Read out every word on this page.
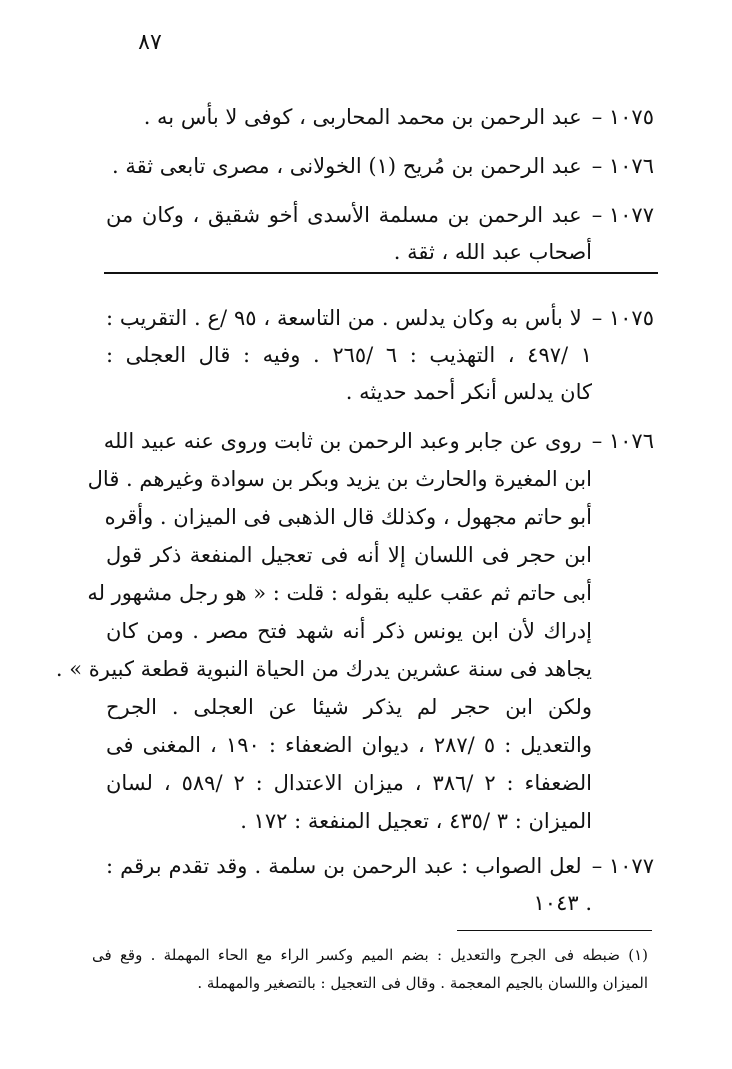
٨٧
١٠٧٥ –عبد الرحمن بن محمد المحاربى ، كوفى لا بأس به .
١٠٧٦ –عبد الرحمن بن مُريح (١) الخولانى ، مصرى تابعى ثقة .
١٠٧٧ –عبد الرحمن بن مسلمة الأسدى أخو شقيق ، وكان من
أصحاب عبد الله ، ثقة .
١٠٧٥ –لا بأس به وكان يدلس . من التاسعة ، ٩٥ /ع . التقريب :
١ /٤٩٧ ، التهذيب : ٦ /٢٦٥ . وفيه : قال العجلى :
كان يدلس أنكر أحمد حديثه .
١٠٧٦ –روى عن جابر وعبد الرحمن بن ثابت وروى عنه عبيد الله
ابن المغيرة والحارث بن يزيد وبكر بن سوادة وغيرهم . قال
أبو حاتم مجهول ، وكذلك قال الذهبى فى الميزان . وأقره
ابن حجر فى اللسان إلا أنه فى تعجيل المنفعة ذكر قول
أبى حاتم ثم عقب عليه بقوله : قلت : « هو رجل مشهور له
إدراك لأن ابن يونس ذكر أنه شهد فتح مصر . ومن كان
يجاهد فى سنة عشرين يدرك من الحياة النبوية قطعة كبيرة » .
ولكن ابن حجر لم يذكر شيئا عن العجلى . الجرح
والتعديل : ٥ /٢٨٧ ، ديوان الضعفاء : ١٩٠ ، المغنى فى
الضعفاء : ٢ /٣٨٦ ، ميزان الاعتدال : ٢ /٥٨٩ ، لسان
الميزان : ٣ /٤٣٥ ، تعجيل المنفعة : ١٧٢ .
١٠٧٧ –لعل الصواب : عبد الرحمن بن سلمة . وقد تقدم برقم :
. ١٠٤٣
(١) ضبطه فى الجرح والتعديل : بضم الميم وكسر الراء مع الحاء المهملة . وقع فى
الميزان واللسان بالجيم المعجمة . وقال فى التعجيل : بالتصغير والمهملة .
